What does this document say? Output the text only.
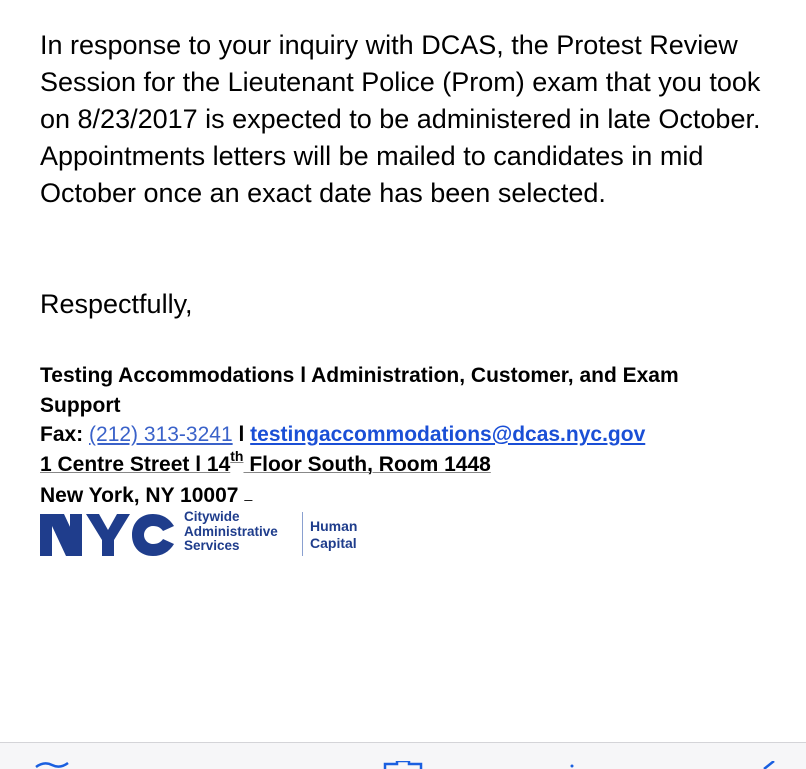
In response to your inquiry with DCAS, the Protest Review Session for the Lieutenant Police (Prom) exam that you took on 8/23/2017 is expected to be administered in late October. Appointments letters will be mailed to candidates in mid October once an exact date has been selected.

Respectfully,

Testing Accommodations l Administration, Customer, and Exam
Support
Fax: (212) 313-3241 l testingaccommodations@dcas.nyc.gov
1 Centre Street l 14th Floor South, Room 1448
New York, NY 10007 _
Citywide
Administrative
Services
Human
Capital
